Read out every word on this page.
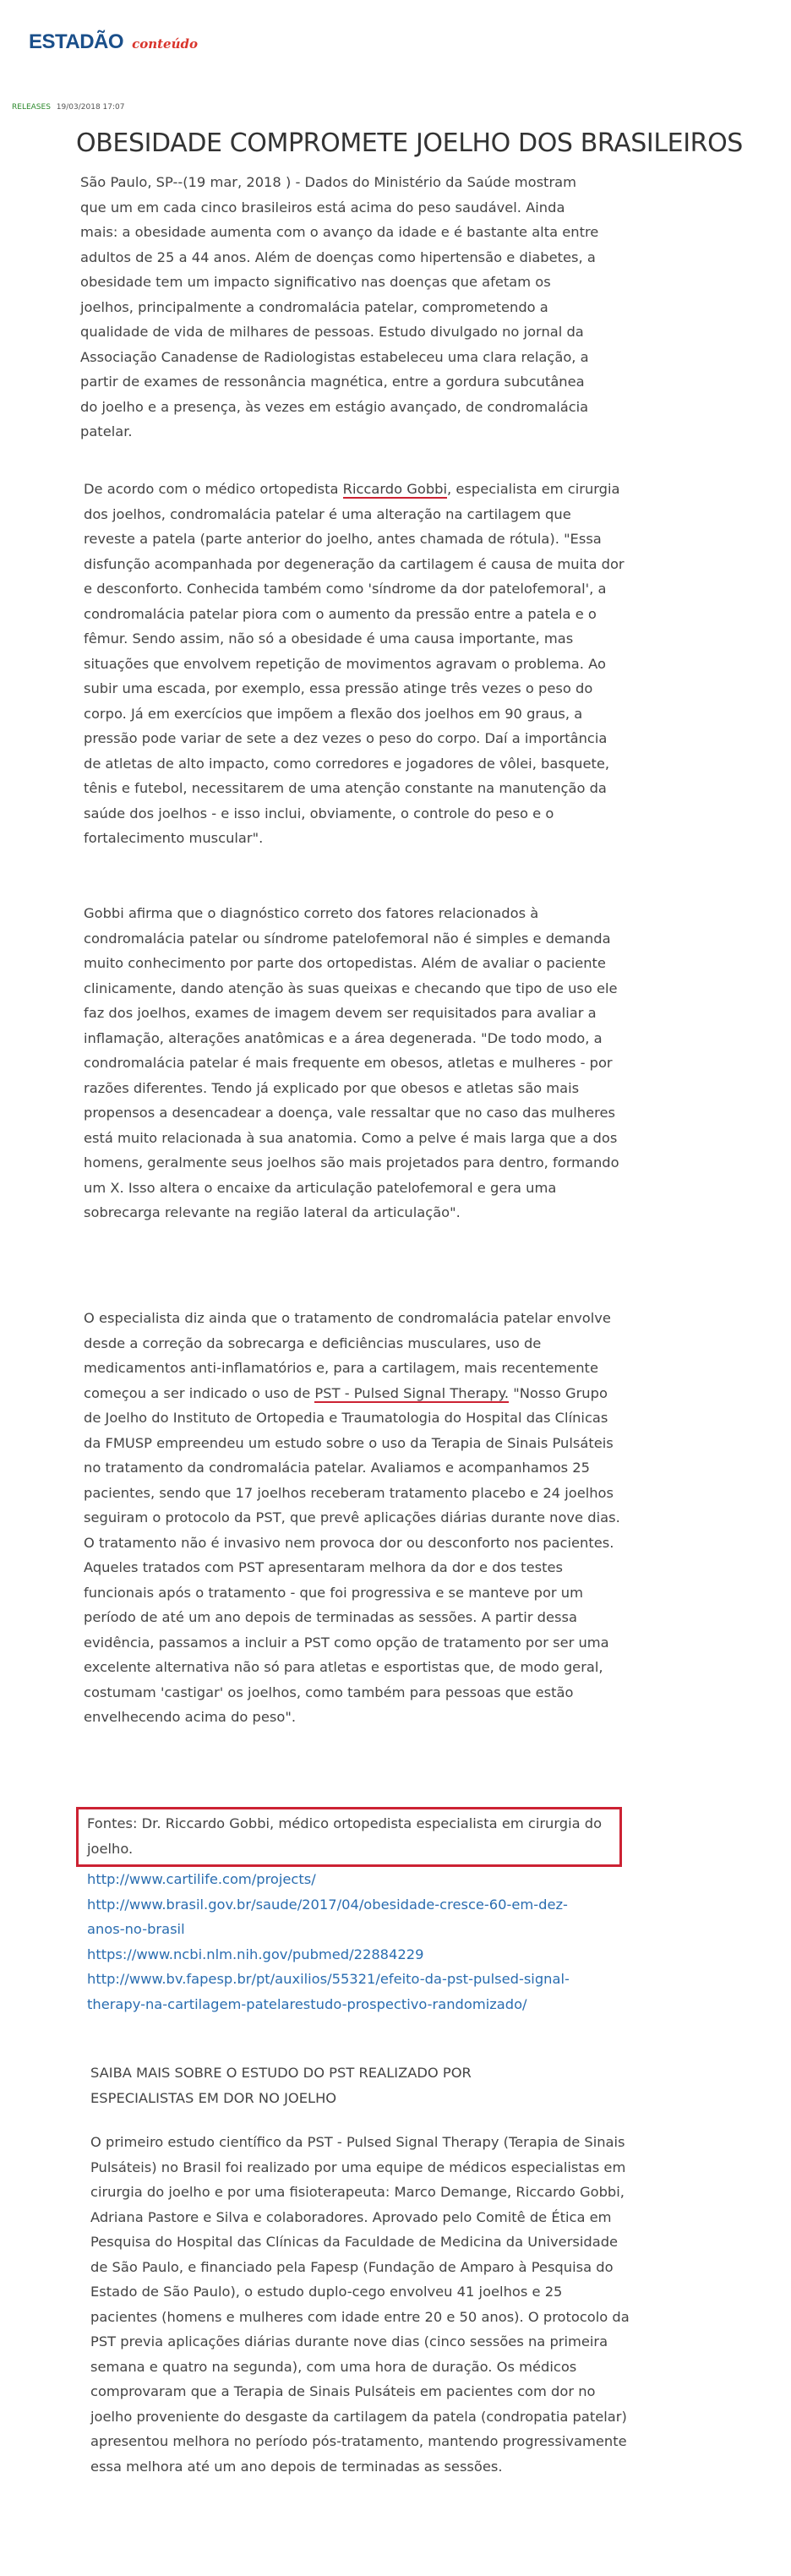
ESTADÃO conteúdo
RELEASES 19/03/2018 17:07
OBESIDADE COMPROMETE JOELHO DOS BRASILEIROS

São Paulo, SP--(19 mar, 2018 ) - Dados do Ministério da Saúde mostram que um em cada cinco brasileiros está acima do peso saudável. Ainda mais: a obesidade aumenta com o avanço da idade e é bastante alta entre adultos de 25 a 44 anos. Além de doenças como hipertensão e diabetes, a obesidade tem um impacto significativo nas doenças que afetam os joelhos, principalmente a condromalácia patelar, comprometendo a qualidade de vida de milhares de pessoas. Estudo divulgado no jornal da Associação Canadense de Radiologistas estabeleceu uma clara relação, a partir de exames de ressonância magnética, entre a gordura subcutânea do joelho e a presença, às vezes em estágio avançado, de condromalácia patelar.

De acordo com o médico ortopedista Riccardo Gobbi, especialista em cirurgia dos joelhos, condromalácia patelar é uma alteração na cartilagem que reveste a patela (parte anterior do joelho, antes chamada de rótula). "Essa disfunção acompanhada por degeneração da cartilagem é causa de muita dor e desconforto. Conhecida também como 'síndrome da dor patelofemoral', a condromalácia patelar piora com o aumento da pressão entre a patela e o fêmur. Sendo assim, não só a obesidade é uma causa importante, mas situações que envolvem repetição de movimentos agravam o problema. Ao subir uma escada, por exemplo, essa pressão atinge três vezes o peso do corpo. Já em exercícios que impõem a flexão dos joelhos em 90 graus, a pressão pode variar de sete a dez vezes o peso do corpo. Daí a importância de atletas de alto impacto, como corredores e jogadores de vôlei, basquete, tênis e futebol, necessitarem de uma atenção constante na manutenção da saúde dos joelhos - e isso inclui, obviamente, o controle do peso e o fortalecimento muscular".

Gobbi afirma que o diagnóstico correto dos fatores relacionados à condromalácia patelar ou síndrome patelofemoral não é simples e demanda muito conhecimento por parte dos ortopedistas. Além de avaliar o paciente clinicamente, dando atenção às suas queixas e checando que tipo de uso ele faz dos joelhos, exames de imagem devem ser requisitados para avaliar a inflamação, alterações anatômicas e a área degenerada. "De todo modo, a condromalácia patelar é mais frequente em obesos, atletas e mulheres - por razões diferentes. Tendo já explicado por que obesos e atletas são mais propensos a desencadear a doença, vale ressaltar que no caso das mulheres está muito relacionada à sua anatomia. Como a pelve é mais larga que a dos homens, geralmente seus joelhos são mais projetados para dentro, formando um X. Isso altera o encaixe da articulação patelofemoral e gera uma sobrecarga relevante na região lateral da articulação".

O especialista diz ainda que o tratamento de condromalácia patelar envolve desde a correção da sobrecarga e deficiências musculares, uso de medicamentos anti-inflamatórios e, para a cartilagem, mais recentemente começou a ser indicado o uso de PST - Pulsed Signal Therapy. "Nosso Grupo de Joelho do Instituto de Ortopedia e Traumatologia do Hospital das Clínicas da FMUSP empreendeu um estudo sobre o uso da Terapia de Sinais Pulsáteis no tratamento da condromalácia patelar. Avaliamos e acompanhamos 25 pacientes, sendo que 17 joelhos receberam tratamento placebo e 24 joelhos seguiram o protocolo da PST, que prevê aplicações diárias durante nove dias. O tratamento não é invasivo nem provoca dor ou desconforto nos pacientes. Aqueles tratados com PST apresentaram melhora da dor e dos testes funcionais após o tratamento - que foi progressiva e se manteve por um período de até um ano depois de terminadas as sessões. A partir dessa evidência, passamos a incluir a PST como opção de tratamento por ser uma excelente alternativa não só para atletas e esportistas que, de modo geral, costumam 'castigar' os joelhos, como também para pessoas que estão envelhecendo acima do peso".

Fontes: Dr. Riccardo Gobbi, médico ortopedista especialista em cirurgia do joelho.
http://www.cartilife.com/projects/
http://www.brasil.gov.br/saude/2017/04/obesidade-cresce-60-em-dez-anos-no-brasil
https://www.ncbi.nlm.nih.gov/pubmed/22884229
http://www.bv.fapesp.br/pt/auxilios/55321/efeito-da-pst-pulsed-signal-therapy-na-cartilagem-patelarestudo-prospectivo-randomizado/
SAIBA MAIS SOBRE O ESTUDO DO PST REALIZADO POR ESPECIALISTAS EM DOR NO JOELHO

O primeiro estudo científico da PST - Pulsed Signal Therapy (Terapia de Sinais Pulsáteis) no Brasil foi realizado por uma equipe de médicos especialistas em cirurgia do joelho e por uma fisioterapeuta: Marco Demange, Riccardo Gobbi, Adriana Pastore e Silva e colaboradores. Aprovado pelo Comitê de Ética em Pesquisa do Hospital das Clínicas da Faculdade de Medicina da Universidade de São Paulo, e financiado pela Fapesp (Fundação de Amparo à Pesquisa do Estado de São Paulo), o estudo duplo-cego envolveu 41 joelhos e 25 pacientes (homens e mulheres com idade entre 20 e 50 anos). O protocolo da PST previa aplicações diárias durante nove dias (cinco sessões na primeira semana e quatro na segunda), com uma hora de duração. Os médicos comprovaram que a Terapia de Sinais Pulsáteis em pacientes com dor no joelho proveniente do desgaste da cartilagem da patela (condropatia patelar) apresentou melhora no período pós-tratamento, mantendo progressivamente essa melhora até um ano depois de terminadas as sessões.
